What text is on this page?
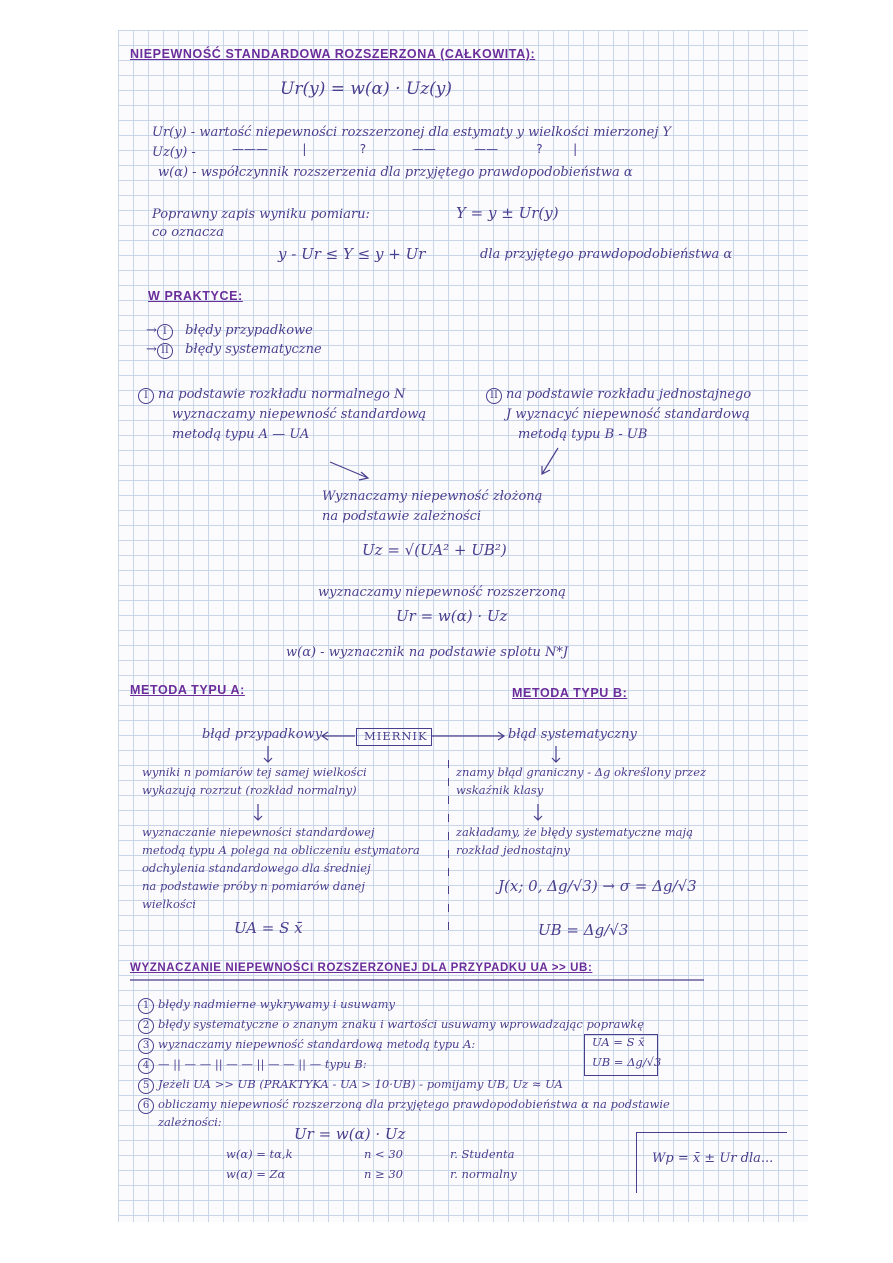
NIEPEWNOŚĆ STANDARDOWA ROZSZERZONA (CAŁKOWITA):
Ur(y) = w(α) · Uz(y)
Ur(y) - wartość niepewności rozszerzonej dla estymaty y wielkości mierzonej Y
Uz(y) -	———         |              ?            ——          ——          ?        |
w(α) - współczynnik rozszerzenia dla przyjętego prawdopodobieństwa α
Poprawny zapis wyniku pomiaru:	Y = y ± Ur(y)
co oznacza
y - Ur ≤ Y ≤ y + Ur	dla przyjętego prawdopodobieństwa α
W PRAKTYCE:
→ I błędy przypadkowe
→ II błędy systematyczne
I na podstawie rozkładu normalnego N
wyznaczamy niepewność standardową
metodą typu A — UA
II na podstawie rozkładu jednostajnego
J wyznacyć niepewność standardową
metodą typu B - UB
Wyznaczamy niepewność złożoną
na podstawie zależności
Uz = √(UA² + UB²)
wyznaczamy niepewność rozszerzoną
Ur = w(α) · Uz
w(α) - wyznacznik na podstawie splotu N*J
METODA TYPU A:	METODA TYPU B:
błąd przypadkowy	MIERNIK	błąd systematyczny
wyniki n pomiarów tej samej wielkości
wykazują rozrzut (rozkład normalny)
wyznaczanie niepewności standardowej
metodą typu A polega na obliczeniu estymatora
odchylenia standardowego dla średniej
na podstawie próby n pomiarów danej
wielkości
UA = S x̄
znamy błąd graniczny - Δg określony przez
wskaźnik klasy
zakładamy, że błędy systematyczne mają
rozkład jednostajny
J(x; 0, Δg/√3) → σ = Δg/√3
UB = Δg/√3
WYZNACZANIE NIEPEWNOŚCI ROZSZERZONEJ DLA PRZYPADKU UA >> UB:
1 błędy nadmierne wykrywamy i usuwamy
2 błędy systematyczne o znanym znaku i wartości usuwamy wprowadzając poprawkę
3 wyznaczamy niepewność standardową metodą typu A:
4 — || — — || — — || — — || — typu B:
5 Jeżeli UA >> UB (PRAKTYKA - UA > 10·UB) - pomijamy UB, Uz ≈ UA
6 obliczamy niepewność rozszerzoną dla przyjętego prawdopodobieństwa α na podstawie
zależności:
UA = S x̄
UB = Δg/√3
Ur = w(α) · Uz
w(α) = tα,k	n < 30	r. Studenta
w(α) = Zα	n ≥ 30	r. normalny
Wp = x̄ ± Ur dla...
